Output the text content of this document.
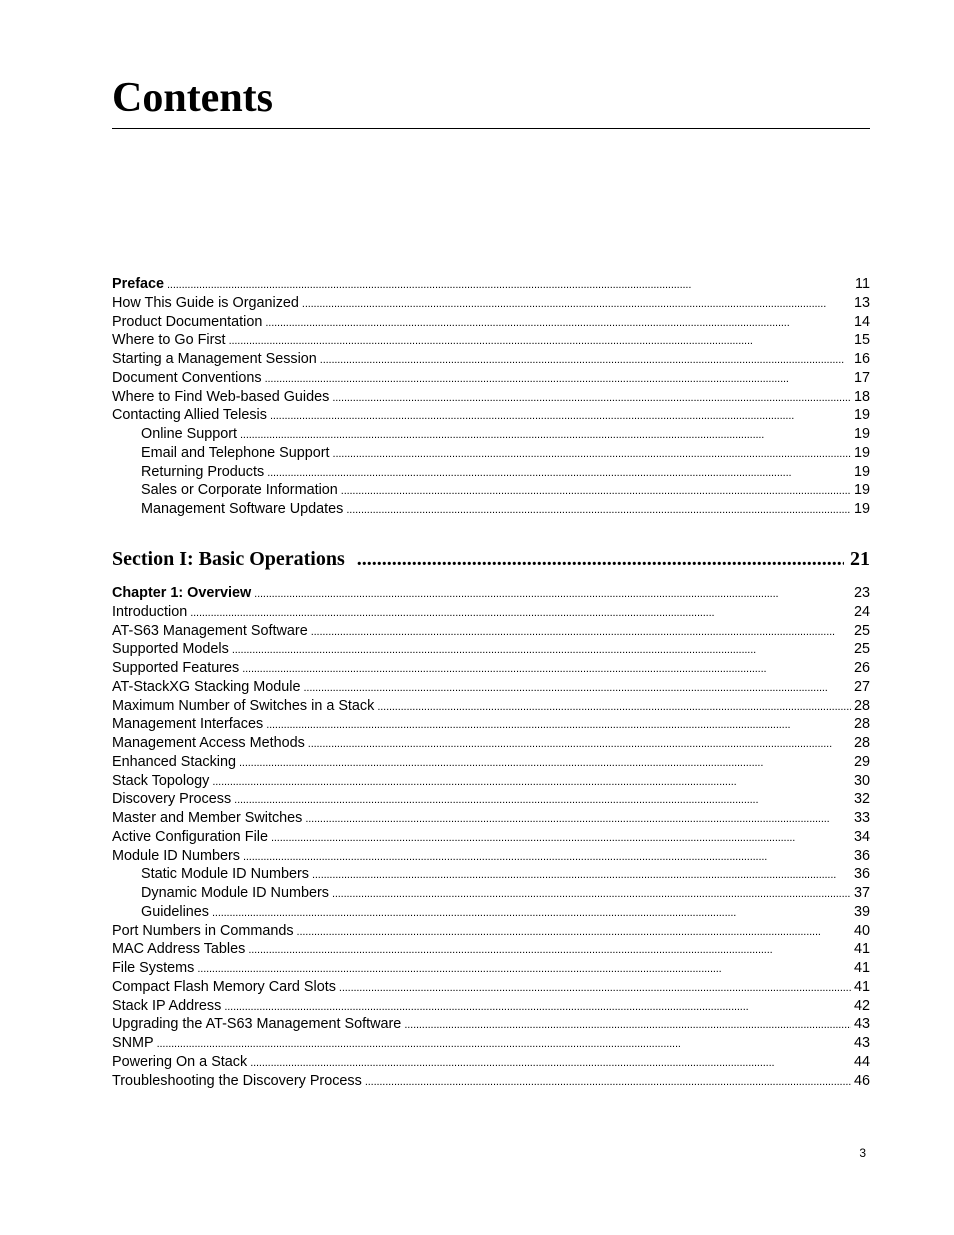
Contents
Preface . . .	11
How This Guide is Organized . . .	13
Product Documentation . . .	14
Where to Go First . . .	15
Starting a Management Session . . .	16
Document Conventions . . .	17
Where to Find Web-based Guides . . .	18
Contacting Allied Telesis . . .	19
Online Support . . .	19
Email and Telephone Support . . .	19
Returning Products . . .	19
Sales or Corporate Information . . .	19
Management Software Updates . . .	19
Section I: Basic Operations .....	21
Chapter 1: Overview . . .	23
Introduction . . .	24
AT-S63 Management Software . . .	25
Supported Models . . .	25
Supported Features . . .	26
AT-StackXG Stacking Module . . .	27
Maximum Number of Switches in a Stack . . .	28
Management Interfaces . . .	28
Management Access Methods . . .	28
Enhanced Stacking . . .	29
Stack Topology . . .	30
Discovery Process . . .	32
Master and Member Switches . . .	33
Active Configuration File . . .	34
Module ID Numbers . . .	36
Static Module ID Numbers . . .	36
Dynamic Module ID Numbers . . .	37
Guidelines . . .	39
Port Numbers in Commands . . .	40
MAC Address Tables . . .	41
File Systems . . .	41
Compact Flash Memory Card Slots . . .	41
Stack IP Address . . .	42
Upgrading the AT-S63 Management Software . . .	43
SNMP . . .	43
Powering On a Stack . . .	44
Troubleshooting the Discovery Process . . .	46
3
